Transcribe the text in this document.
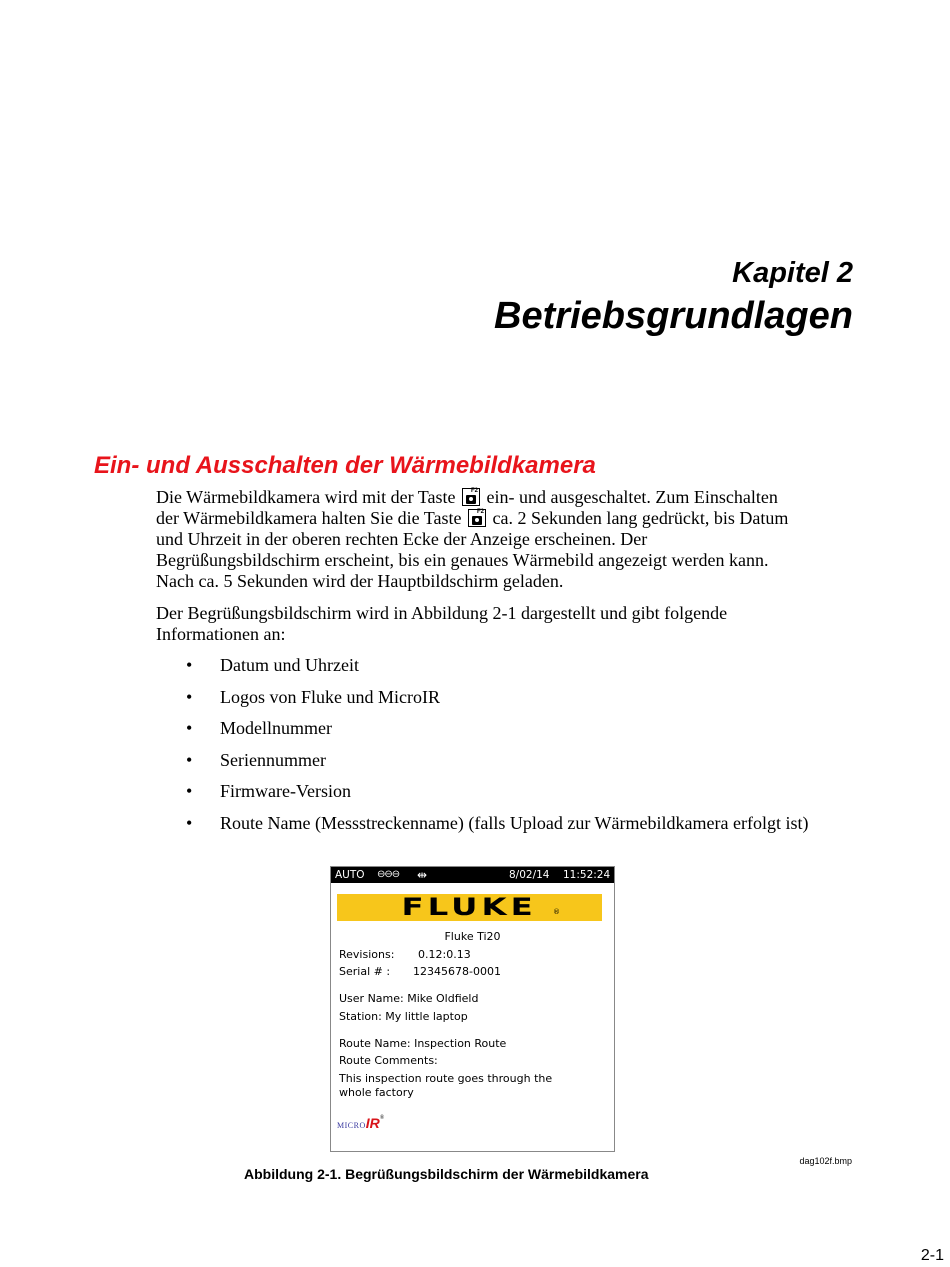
Kapitel 2
Betriebsgrundlagen
Ein- und Ausschalten der Wärmebildkamera
Die Wärmebildkamera wird mit der Taste F2 ein- und ausgeschaltet. Zum Einschalten
der Wärmebildkamera halten Sie die Taste F2 ca. 2 Sekunden lang gedrückt, bis Datum
und Uhrzeit in der oberen rechten Ecke der Anzeige erscheinen. Der
Begrüßungsbildschirm erscheint, bis ein genaues Wärmebild angezeigt werden kann.
Nach ca. 5 Sekunden wird der Hauptbildschirm geladen.
Der Begrüßungsbildschirm wird in Abbildung 2-1 dargestellt und gibt folgende
Informationen an:
• Datum und Uhrzeit
• Logos von Fluke und MicroIR
• Modellnummer
• Seriennummer
• Firmware-Version
• Route Name (Messstreckenname) (falls Upload zur Wärmebildkamera erfolgt ist)
AUTO ⊖⊖⊖ ⇹	8/02/14 11:52:24
FLUKE ®
Fluke Ti20
Revisions: 0.12:0.13
Serial # : 12345678-0001
User Name: Mike Oldfield
Station: My little laptop
Route Name: Inspection Route
Route Comments:
This inspection route goes through the
whole factory
MICROIR®
dag102f.bmp
Abbildung 2-1. Begrüßungsbildschirm der Wärmebildkamera
2-1
